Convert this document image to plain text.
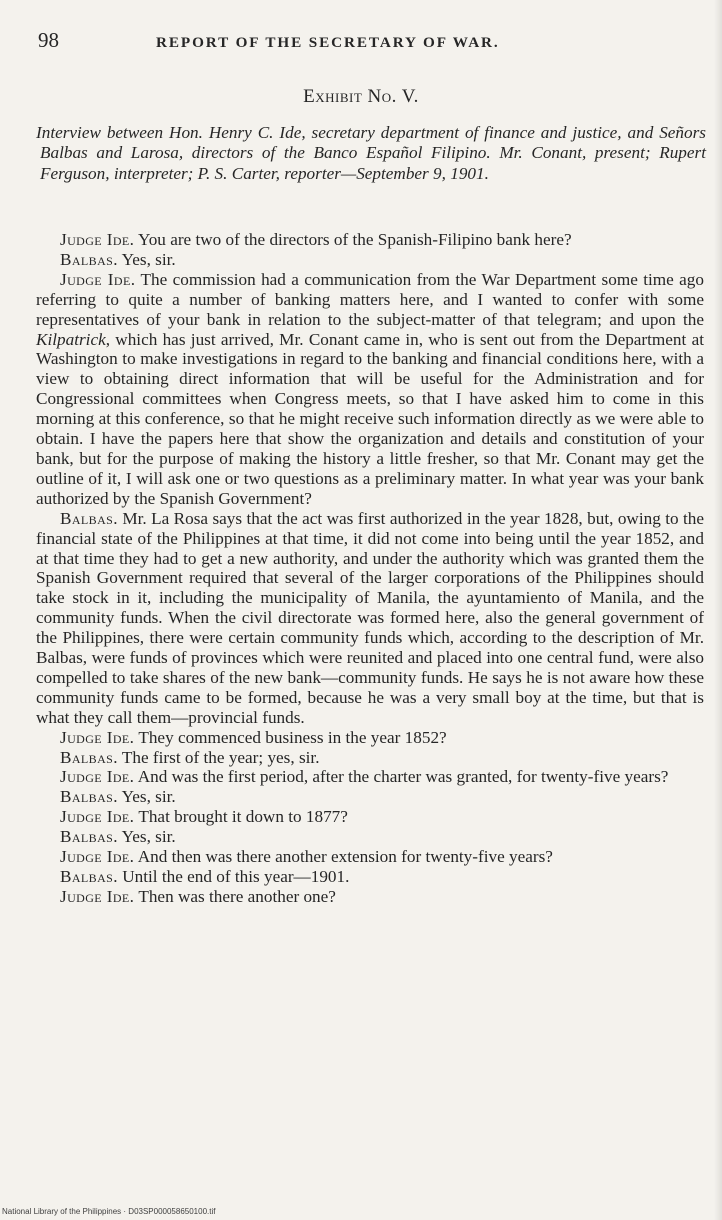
98	REPORT OF THE SECRETARY OF WAR.
Exhibit No. V.
Interview between Hon. Henry C. Ide, secretary department of finance and justice, and Señors Balbas and Larosa, directors of the Banco Español Filipino. Mr. Conant, present; Rupert Ferguson, interpreter; P. S. Carter, reporter—September 9, 1901.

Judge Ide. You are two of the directors of the Spanish-Filipino bank here?

Balbas. Yes, sir.

Judge Ide. The commission had a communication from the War Department some time ago referring to quite a number of banking matters here, and I wanted to confer with some representatives of your bank in relation to the subject-matter of that telegram; and upon the Kilpatrick, which has just arrived, Mr. Conant came in, who is sent out from the Department at Washington to make investigations in regard to the banking and financial conditions here, with a view to obtaining direct information that will be useful for the Administration and for Congressional committees when Congress meets, so that I have asked him to come in this morning at this conference, so that he might receive such information directly as we were able to obtain. I have the papers here that show the organization and details and constitution of your bank, but for the purpose of making the history a little fresher, so that Mr. Conant may get the outline of it, I will ask one or two questions as a preliminary matter. In what year was your bank authorized by the Spanish Government?

Balbas. Mr. La Rosa says that the act was first authorized in the year 1828, but, owing to the financial state of the Philippines at that time, it did not come into being until the year 1852, and at that time they had to get a new authority, and under the authority which was granted them the Spanish Government required that several of the larger corporations of the Philippines should take stock in it, including the municipality of Manila, the ayuntamiento of Manila, and the community funds. When the civil directorate was formed here, also the general government of the Philippines, there were certain community funds which, according to the description of Mr. Balbas, were funds of provinces which were reunited and placed into one central fund, were also compelled to take shares of the new bank—community funds. He says he is not aware how these community funds came to be formed, because he was a very small boy at the time, but that is what they call them—provincial funds.

Judge Ide. They commenced business in the year 1852?

Balbas. The first of the year; yes, sir.

Judge Ide. And was the first period, after the charter was granted, for twenty-five years?

Balbas. Yes, sir.

Judge Ide. That brought it down to 1877?

Balbas. Yes, sir.

Judge Ide. And then was there another extension for twenty-five years?

Balbas. Until the end of this year—1901.

Judge Ide. Then was there another one?

National Library of the Philippines · D03SP000058650100.tif
